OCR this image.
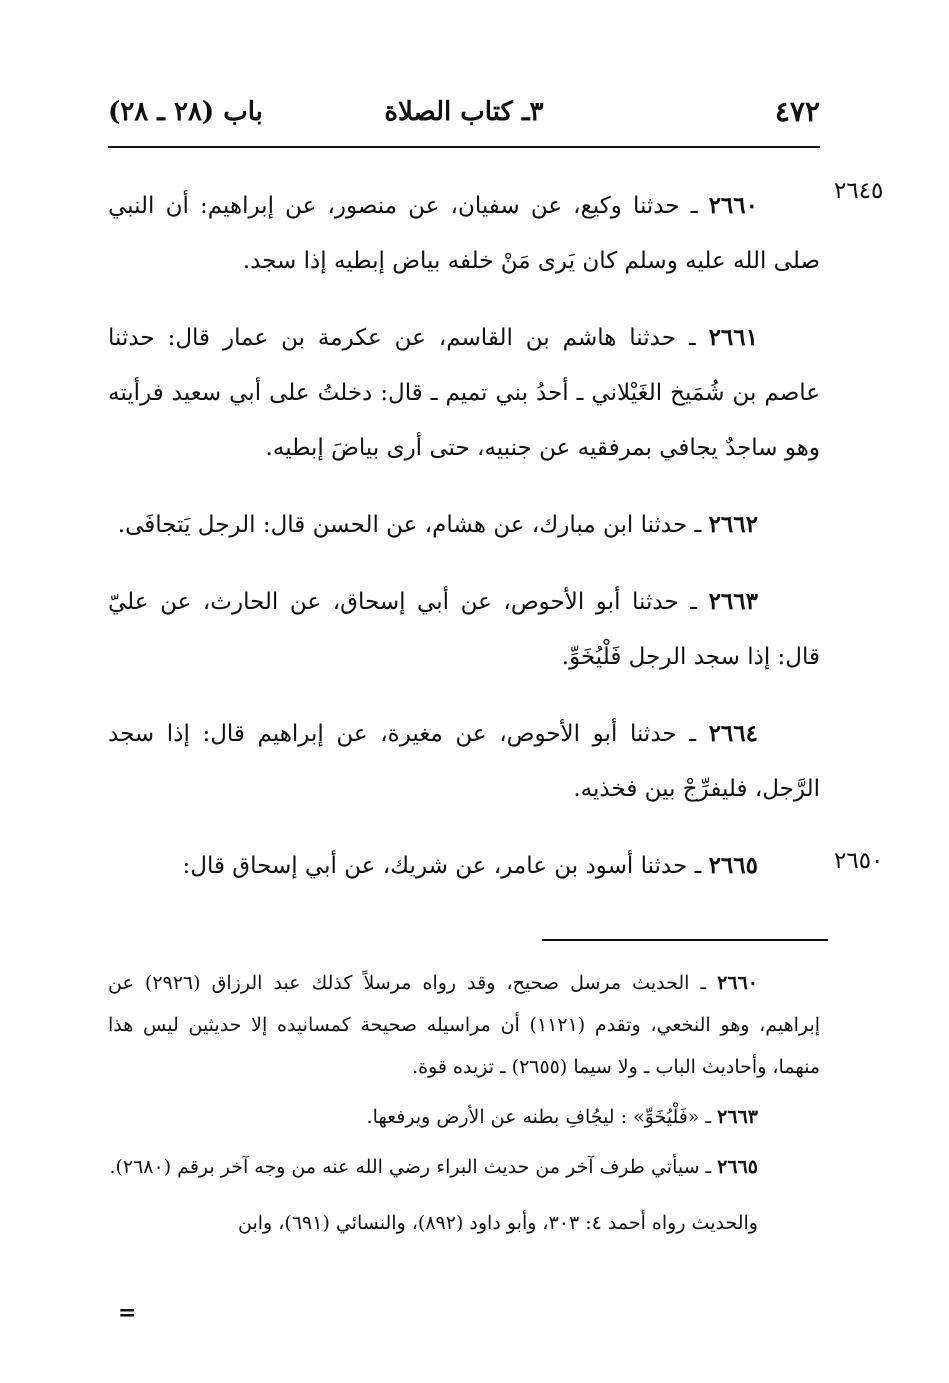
٤٧٢
٣ـ كتاب الصلاة
باب (٢٨ ـ ٢٨)
٢٦٤٥
٢٦٥٠

٢٦٦٠ ـ حدثنا وكيع، عن سفيان، عن منصور، عن إبراهيم: أن النبي صلى الله عليه وسلم كان يَرى مَنْ خلفه بياض إبطيه إذا سجد.

٢٦٦١ ـ حدثنا هاشم بن القاسم، عن عكرمة بن عمار قال: حدثنا عاصم بن شُمَيخ الغَيْلاني ـ أحدُ بني تميم ـ قال: دخلتُ على أبي سعيد فرأيته وهو ساجدٌ يجافي بمرفقيه عن جنبيه، حتى أرى بياضَ إبطيه.

٢٦٦٢ ـ حدثنا ابن مبارك، عن هشام، عن الحسن قال: الرجل يَتجافَى.

٢٦٦٣ ـ حدثنا أبو الأحوص، عن أبي إسحاق، عن الحارث، عن عليّ قال: إذا سجد الرجل فَلْيُخَوِّ.

٢٦٦٤ ـ حدثنا أبو الأحوص، عن مغيرة، عن إبراهيم قال: إذا سجد الرَّجل، فليفرِّجْ بين فخذيه.

٢٦٦٥ ـ حدثنا أسود بن عامر، عن شريك، عن أبي إسحاق قال:

٢٦٦٠ ـ الحديث مرسل صحيح، وقد رواه مرسلاً كذلك عبد الرزاق (٢٩٢٦) عن إبراهيم، وهو النخعي، وتقدم (١١٢١) أن مراسيله صحيحة كمسانيده إلا حديثين ليس هذا منهما، وأحاديث الباب ـ ولا سيما (٢٦٥٥) ـ تزيده قوة.

٢٦٦٣ ـ «فَلْيُخَوِّ» : ليجُافِ بطنه عن الأرض ويرفعها.

٢٦٦٥ ـ سيأتي طرف آخر من حديث البراء رضي الله عنه من وجه آخر برقم (٢٦٨٠).

والحديث رواه أحمد ٤: ٣٠٣، وأبو داود (٨٩٢)، والنسائي (٦٩١)، وابن

=
